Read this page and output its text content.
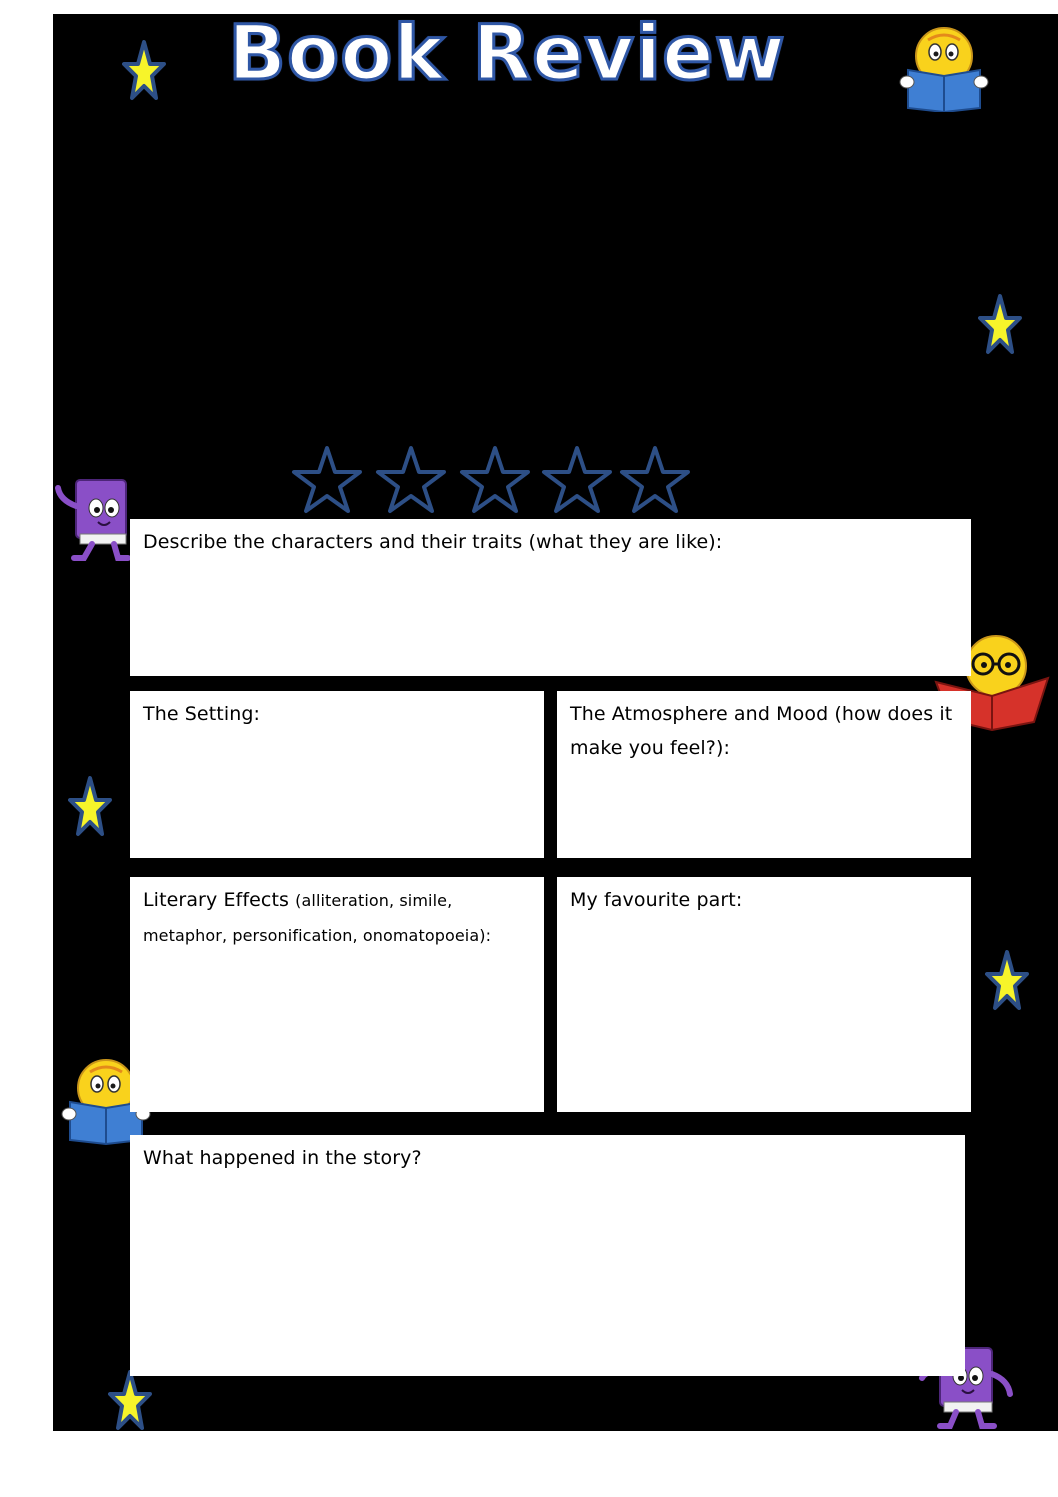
Book Review
Describe the characters and their traits (what they are like):
The Setting:	The Atmosphere and Mood (how does it make you feel?):
Literary Effects (alliteration, simile, metaphor, personification, onomatopoeia):
My favourite part:
What happened in the story?
